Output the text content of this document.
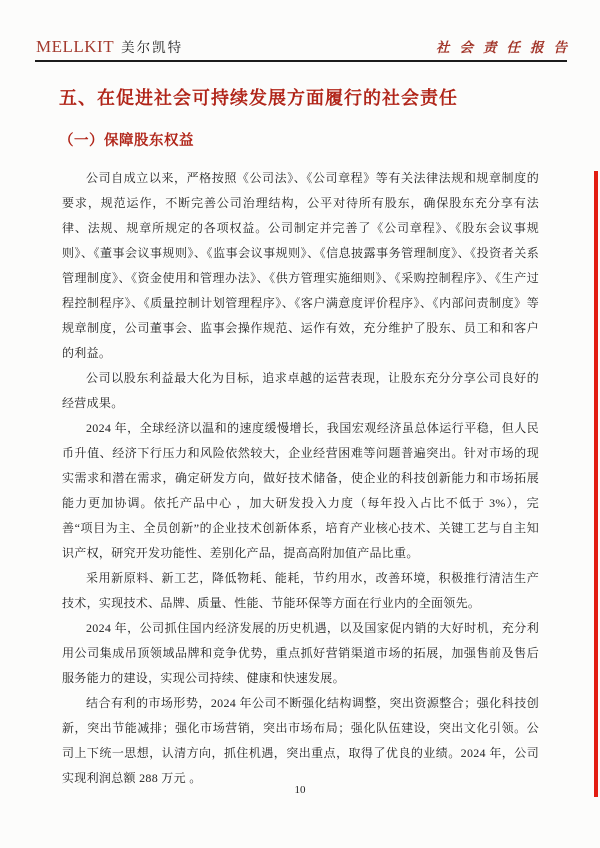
MELLKIT 美尔凯特	社会责任报告
五、在促进社会可持续发展方面履行的社会责任
（一）保障股东权益

公司自成立以来，严格按照《公司法》、《公司章程》等有关法律法规和规章制度的要求，规范运作，不断完善公司治理结构，公平对待所有股东，确保股东充分享有法律、法规、规章所规定的各项权益。公司制定并完善了《公司章程》、《股东会议事规则》、《董事会议事规则》、《监事会议事规则》、《信息披露事务管理制度》、《投资者关系管理制度》、《资金使用和管理办法》、《供方管理实施细则》、《采购控制程序》、《生产过程控制程序》、《质量控制计划管理程序》、《客户满意度评价程序》、《内部问责制度》等规章制度，公司董事会、监事会操作规范、运作有效，充分维护了股东、员工和和客户的利益。

公司以股东利益最大化为目标，追求卓越的运营表现，让股东充分分享公司良好的经营成果。

2024 年，全球经济以温和的速度缓慢增长，我国宏观经济虽总体运行平稳，但人民币升值、经济下行压力和风险依然较大，企业经营困难等问题普遍突出。针对市场的现实需求和潜在需求，确定研发方向，做好技术储备，使企业的科技创新能力和市场拓展能力更加协调。依托产品中心 ，加大研发投入力度（每年投入占比不低于 3%），完善“项目为主、全员创新”的企业技术创新体系，培育产业核心技术、关键工艺与自主知识产权，研究开发功能性、差别化产品，提高高附加值产品比重。

采用新原料、新工艺，降低物耗、能耗，节约用水，改善环境，积极推行清洁生产技术，实现技术、品牌、质量、性能、节能环保等方面在行业内的全面领先。

2024 年，公司抓住国内经济发展的历史机遇，以及国家促内销的大好时机，充分利用公司集成吊顶领域品牌和竞争优势，重点抓好营销渠道市场的拓展，加强售前及售后服务能力的建设，实现公司持续、健康和快速发展。

结合有利的市场形势，2024 年公司不断强化结构调整，突出资源整合；强化科技创新，突出节能减排；强化市场营销，突出市场布局；强化队伍建设，突出文化引领。公司上下统一思想，认清方向，抓住机遇，突出重点，取得了优良的业绩。2024 年，公司实现利润总额 288 万元 。

10
